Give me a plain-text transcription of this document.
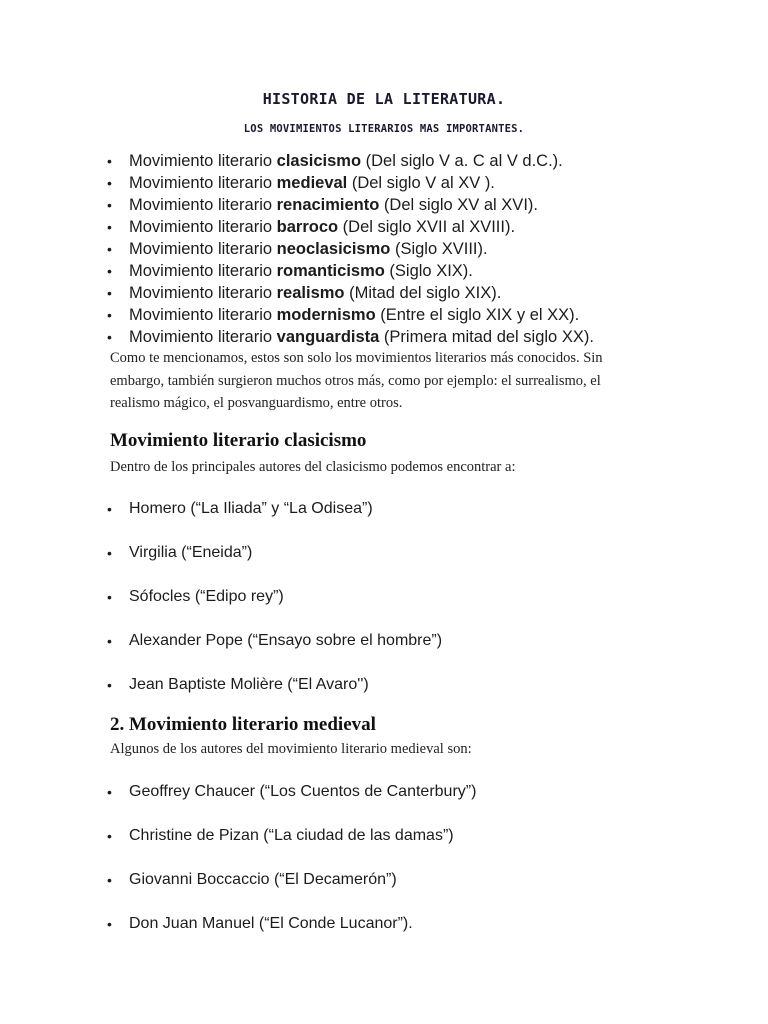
HISTORIA DE LA LITERATURA.
LOS MOVIMIENTOS LITERARIOS MAS IMPORTANTES.
• Movimiento literario clasicismo (Del siglo V a. C al V d.C.).
• Movimiento literario medieval (Del siglo V al XV ).
• Movimiento literario renacimiento (Del siglo XV al XVI).
• Movimiento literario barroco (Del siglo XVII al XVIII).
• Movimiento literario neoclasicismo (Siglo XVIII).
• Movimiento literario romanticismo (Siglo XIX).
• Movimiento literario realismo (Mitad del siglo XIX).
• Movimiento literario modernismo (Entre el siglo XIX y el XX).
• Movimiento literario vanguardista (Primera mitad del siglo XX).
Como te mencionamos, estos son solo los movimientos literarios más conocidos. Sin embargo, también surgieron muchos otros más, como por ejemplo: el surrealismo, el realismo mágico, el posvanguardismo, entre otros.
Movimiento literario clasicismo
Dentro de los principales autores del clasicismo podemos encontrar a:
• Homero (“La Iliada” y “La Odisea”)
• Virgilia (“Eneida”)
• Sófocles (“Edipo rey”)
• Alexander Pope (“Ensayo sobre el hombre”)
• Jean Baptiste Molière (“El Avaro'')
2. Movimiento literario medieval
Algunos de los autores del movimiento literario medieval son:
• Geoffrey Chaucer (“Los Cuentos de Canterbury”)
• Christine de Pizan (“La ciudad de las damas”)
• Giovanni Boccaccio (“El Decamerón”)
• Don Juan Manuel (“El Conde Lucanor”).
